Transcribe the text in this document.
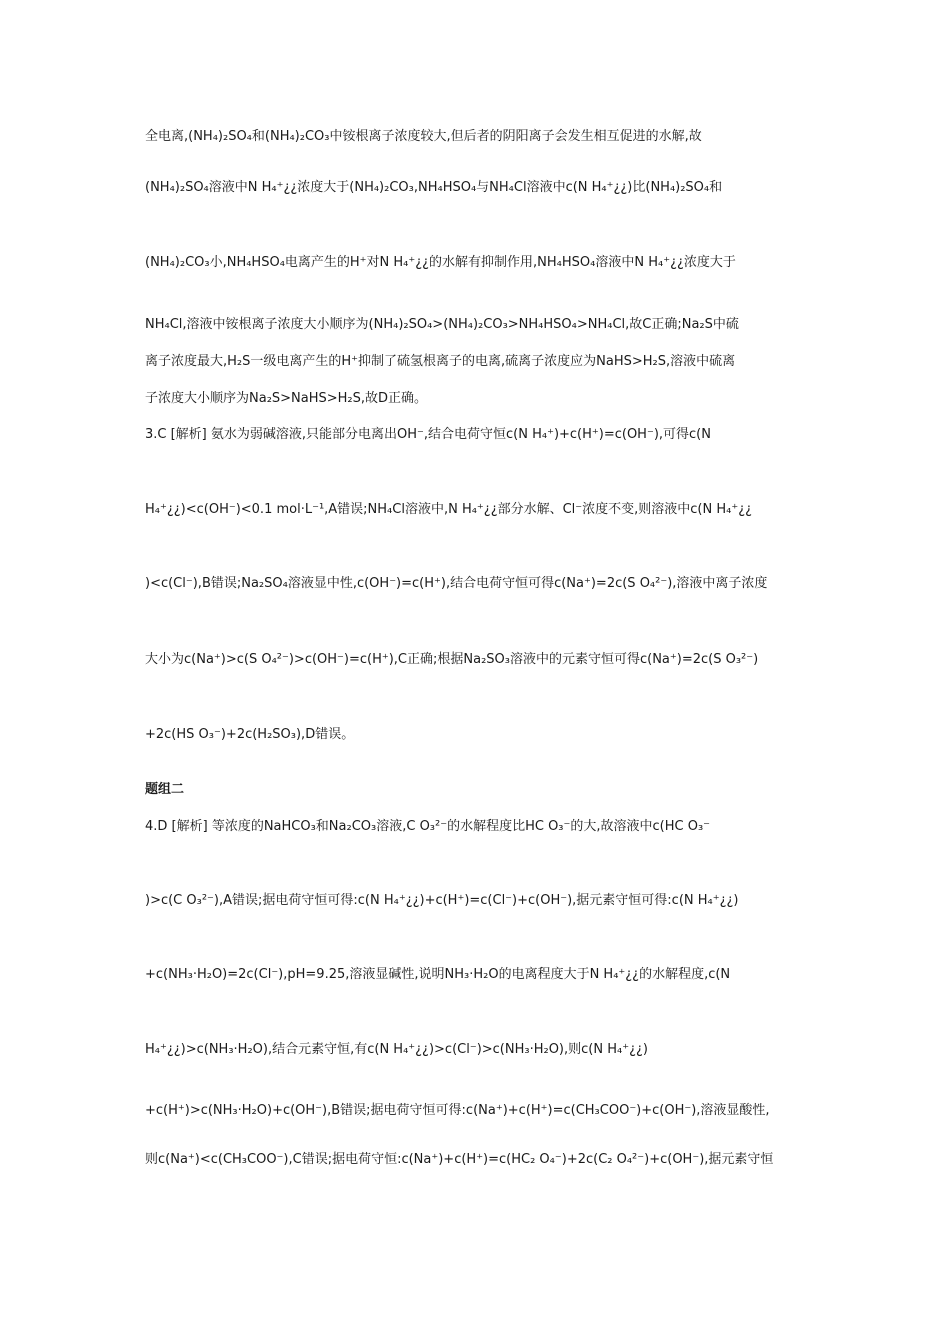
全电离,(NH₄)₂SO₄和(NH₄)₂CO₃中铵根离子浓度较大,但后者的阴阳离子会发生相互促进的水解,故
(NH₄)₂SO₄溶液中N H₄⁺¿¿浓度大于(NH₄)₂CO₃,NH₄HSO₄与NH₄Cl溶液中c(N H₄⁺¿¿)比(NH₄)₂SO₄和
(NH₄)₂CO₃小,NH₄HSO₄电离产生的H⁺对N H₄⁺¿¿的水解有抑制作用,NH₄HSO₄溶液中N H₄⁺¿¿浓度大于
NH₄Cl,溶液中铵根离子浓度大小顺序为(NH₄)₂SO₄>(NH₄)₂CO₃>NH₄HSO₄>NH₄Cl,故C正确;Na₂S中硫
离子浓度最大,H₂S一级电离产生的H⁺抑制了硫氢根离子的电离,硫离子浓度应为NaHS>H₂S,溶液中硫离
子浓度大小顺序为Na₂S>NaHS>H₂S,故D正确。
3.C [解析] 氨水为弱碱溶液,只能部分电离出OH⁻,结合电荷守恒c(N H₄⁺)+c(H⁺)=c(OH⁻),可得c(N
H₄⁺¿¿)<c(OH⁻)<0.1 mol·L⁻¹,A错误;NH₄Cl溶液中,N H₄⁺¿¿部分水解、Cl⁻浓度不变,则溶液中c(N H₄⁺¿¿
)<c(Cl⁻),B错误;Na₂SO₄溶液显中性,c(OH⁻)=c(H⁺),结合电荷守恒可得c(Na⁺)=2c(S O₄²⁻),溶液中离子浓度
大小为c(Na⁺)>c(S O₄²⁻)>c(OH⁻)=c(H⁺),C正确;根据Na₂SO₃溶液中的元素守恒可得c(Na⁺)=2c(S O₃²⁻)
+2c(HS O₃⁻)+2c(H₂SO₃),D错误。
题组二
4.D [解析] 等浓度的NaHCO₃和Na₂CO₃溶液,C O₃²⁻的水解程度比HC O₃⁻的大,故溶液中c(HC O₃⁻
)>c(C O₃²⁻),A错误;据电荷守恒可得:c(N H₄⁺¿¿)+c(H⁺)=c(Cl⁻)+c(OH⁻),据元素守恒可得:c(N H₄⁺¿¿)
+c(NH₃·H₂O)=2c(Cl⁻),pH=9.25,溶液显碱性,说明NH₃·H₂O的电离程度大于N H₄⁺¿¿的水解程度,c(N
H₄⁺¿¿)>c(NH₃·H₂O),结合元素守恒,有c(N H₄⁺¿¿)>c(Cl⁻)>c(NH₃·H₂O),则c(N H₄⁺¿¿)
+c(H⁺)>c(NH₃·H₂O)+c(OH⁻),B错误;据电荷守恒可得:c(Na⁺)+c(H⁺)=c(CH₃COO⁻)+c(OH⁻),溶液显酸性,
则c(Na⁺)<c(CH₃COO⁻),C错误;据电荷守恒:c(Na⁺)+c(H⁺)=c(HC₂ O₄⁻)+2c(C₂ O₄²⁻)+c(OH⁻),据元素守恒
